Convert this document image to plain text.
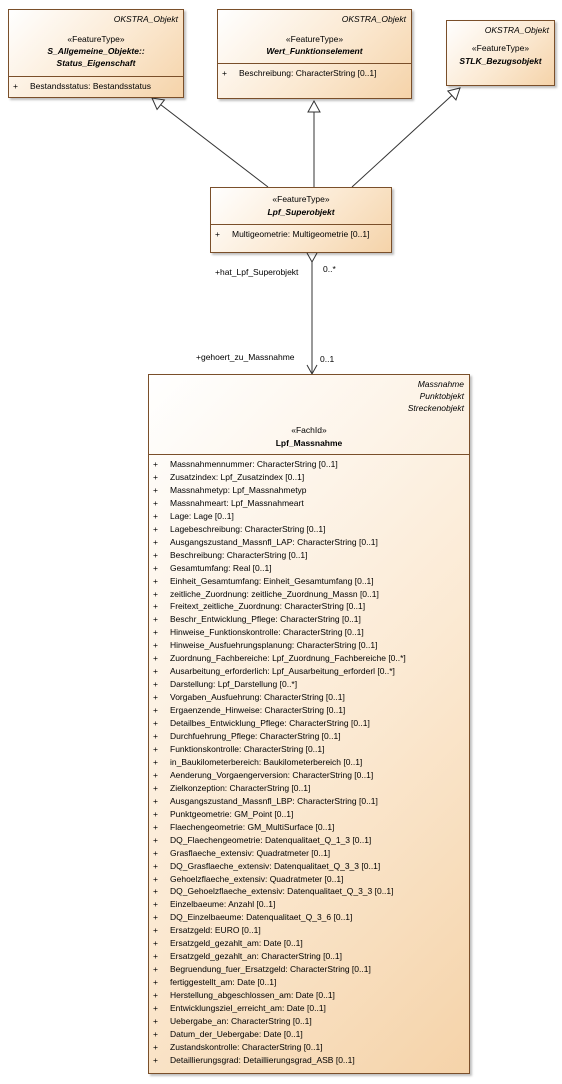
+hat_Lpf_Superobjekt	0..*
+gehoert_zu_Massnahme	0..1
OKSTRA_Objekt
«FeatureType»
S_Allgemeine_Objekte::
Status_Eigenschaft
+ Bestandsstatus: Bestandsstatus
OKSTRA_Objekt
«FeatureType»
Wert_Funktionselement
+ Beschreibung: CharacterString [0..1]
OKSTRA_Objekt
«FeatureType»
STLK_Bezugsobjekt
«FeatureType»
Lpf_Superobjekt
+ Multigeometrie: Multigeometrie [0..1]
Massnahme
Punktobjekt
Streckenobjekt
«FachId»
Lpf_Massnahme
+ Massnahmennummer: CharacterString [0..1]
+ Zusatzindex: Lpf_Zusatzindex [0..1]
+ Massnahmetyp: Lpf_Massnahmetyp
+ Massnahmeart: Lpf_Massnahmeart
+ Lage: Lage [0..1]
+ Lagebeschreibung: CharacterString [0..1]
+ Ausgangszustand_Massnfl_LAP: CharacterString [0..1]
+ Beschreibung: CharacterString [0..1]
+ Gesamtumfang: Real [0..1]
+ Einheit_Gesamtumfang: Einheit_Gesamtumfang [0..1]
+ zeitliche_Zuordnung: zeitliche_Zuordnung_Massn [0..1]
+ Freitext_zeitliche_Zuordnung: CharacterString [0..1]
+ Beschr_Entwicklung_Pflege: CharacterString [0..1]
+ Hinweise_Funktionskontrolle: CharacterString [0..1]
+ Hinweise_Ausfuehrungsplanung: CharacterString [0..1]
+ Zuordnung_Fachbereiche: Lpf_Zuordnung_Fachbereiche [0..*]
+ Ausarbeitung_erforderlich: Lpf_Ausarbeitung_erforderl [0..*]
+ Darstellung: Lpf_Darstellung [0..*]
+ Vorgaben_Ausfuehrung: CharacterString [0..1]
+ Ergaenzende_Hinweise: CharacterString [0..1]
+ Detailbes_Entwicklung_Pflege: CharacterString [0..1]
+ Durchfuehrung_Pflege: CharacterString [0..1]
+ Funktionskontrolle: CharacterString [0..1]
+ in_Baukilometerbereich: Baukilometerbereich [0..1]
+ Aenderung_Vorgaengerversion: CharacterString [0..1]
+ Zielkonzeption: CharacterString [0..1]
+ Ausgangszustand_Massnfl_LBP: CharacterString [0..1]
+ Punktgeometrie: GM_Point [0..1]
+ Flaechengeometrie: GM_MultiSurface [0..1]
+ DQ_Flaechengeometrie: Datenqualitaet_Q_1_3 [0..1]
+ Grasflaeche_extensiv: Quadratmeter [0..1]
+ DQ_Grasflaeche_extensiv: Datenqualitaet_Q_3_3 [0..1]
+ Gehoelzflaeche_extensiv: Quadratmeter [0..1]
+ DQ_Gehoelzflaeche_extensiv: Datenqualitaet_Q_3_3 [0..1]
+ Einzelbaeume: Anzahl [0..1]
+ DQ_Einzelbaeume: Datenqualitaet_Q_3_6 [0..1]
+ Ersatzgeld: EURO [0..1]
+ Ersatzgeld_gezahlt_am: Date [0..1]
+ Ersatzgeld_gezahlt_an: CharacterString [0..1]
+ Begruendung_fuer_Ersatzgeld: CharacterString [0..1]
+ fertiggestellt_am: Date [0..1]
+ Herstellung_abgeschlossen_am: Date [0..1]
+ Entwicklungsziel_erreicht_am: Date [0..1]
+ Uebergabe_an: CharacterString [0..1]
+ Datum_der_Uebergabe: Date [0..1]
+ Zustandskontrolle: CharacterString [0..1]
+ Detaillierungsgrad: Detaillierungsgrad_ASB [0..1]
